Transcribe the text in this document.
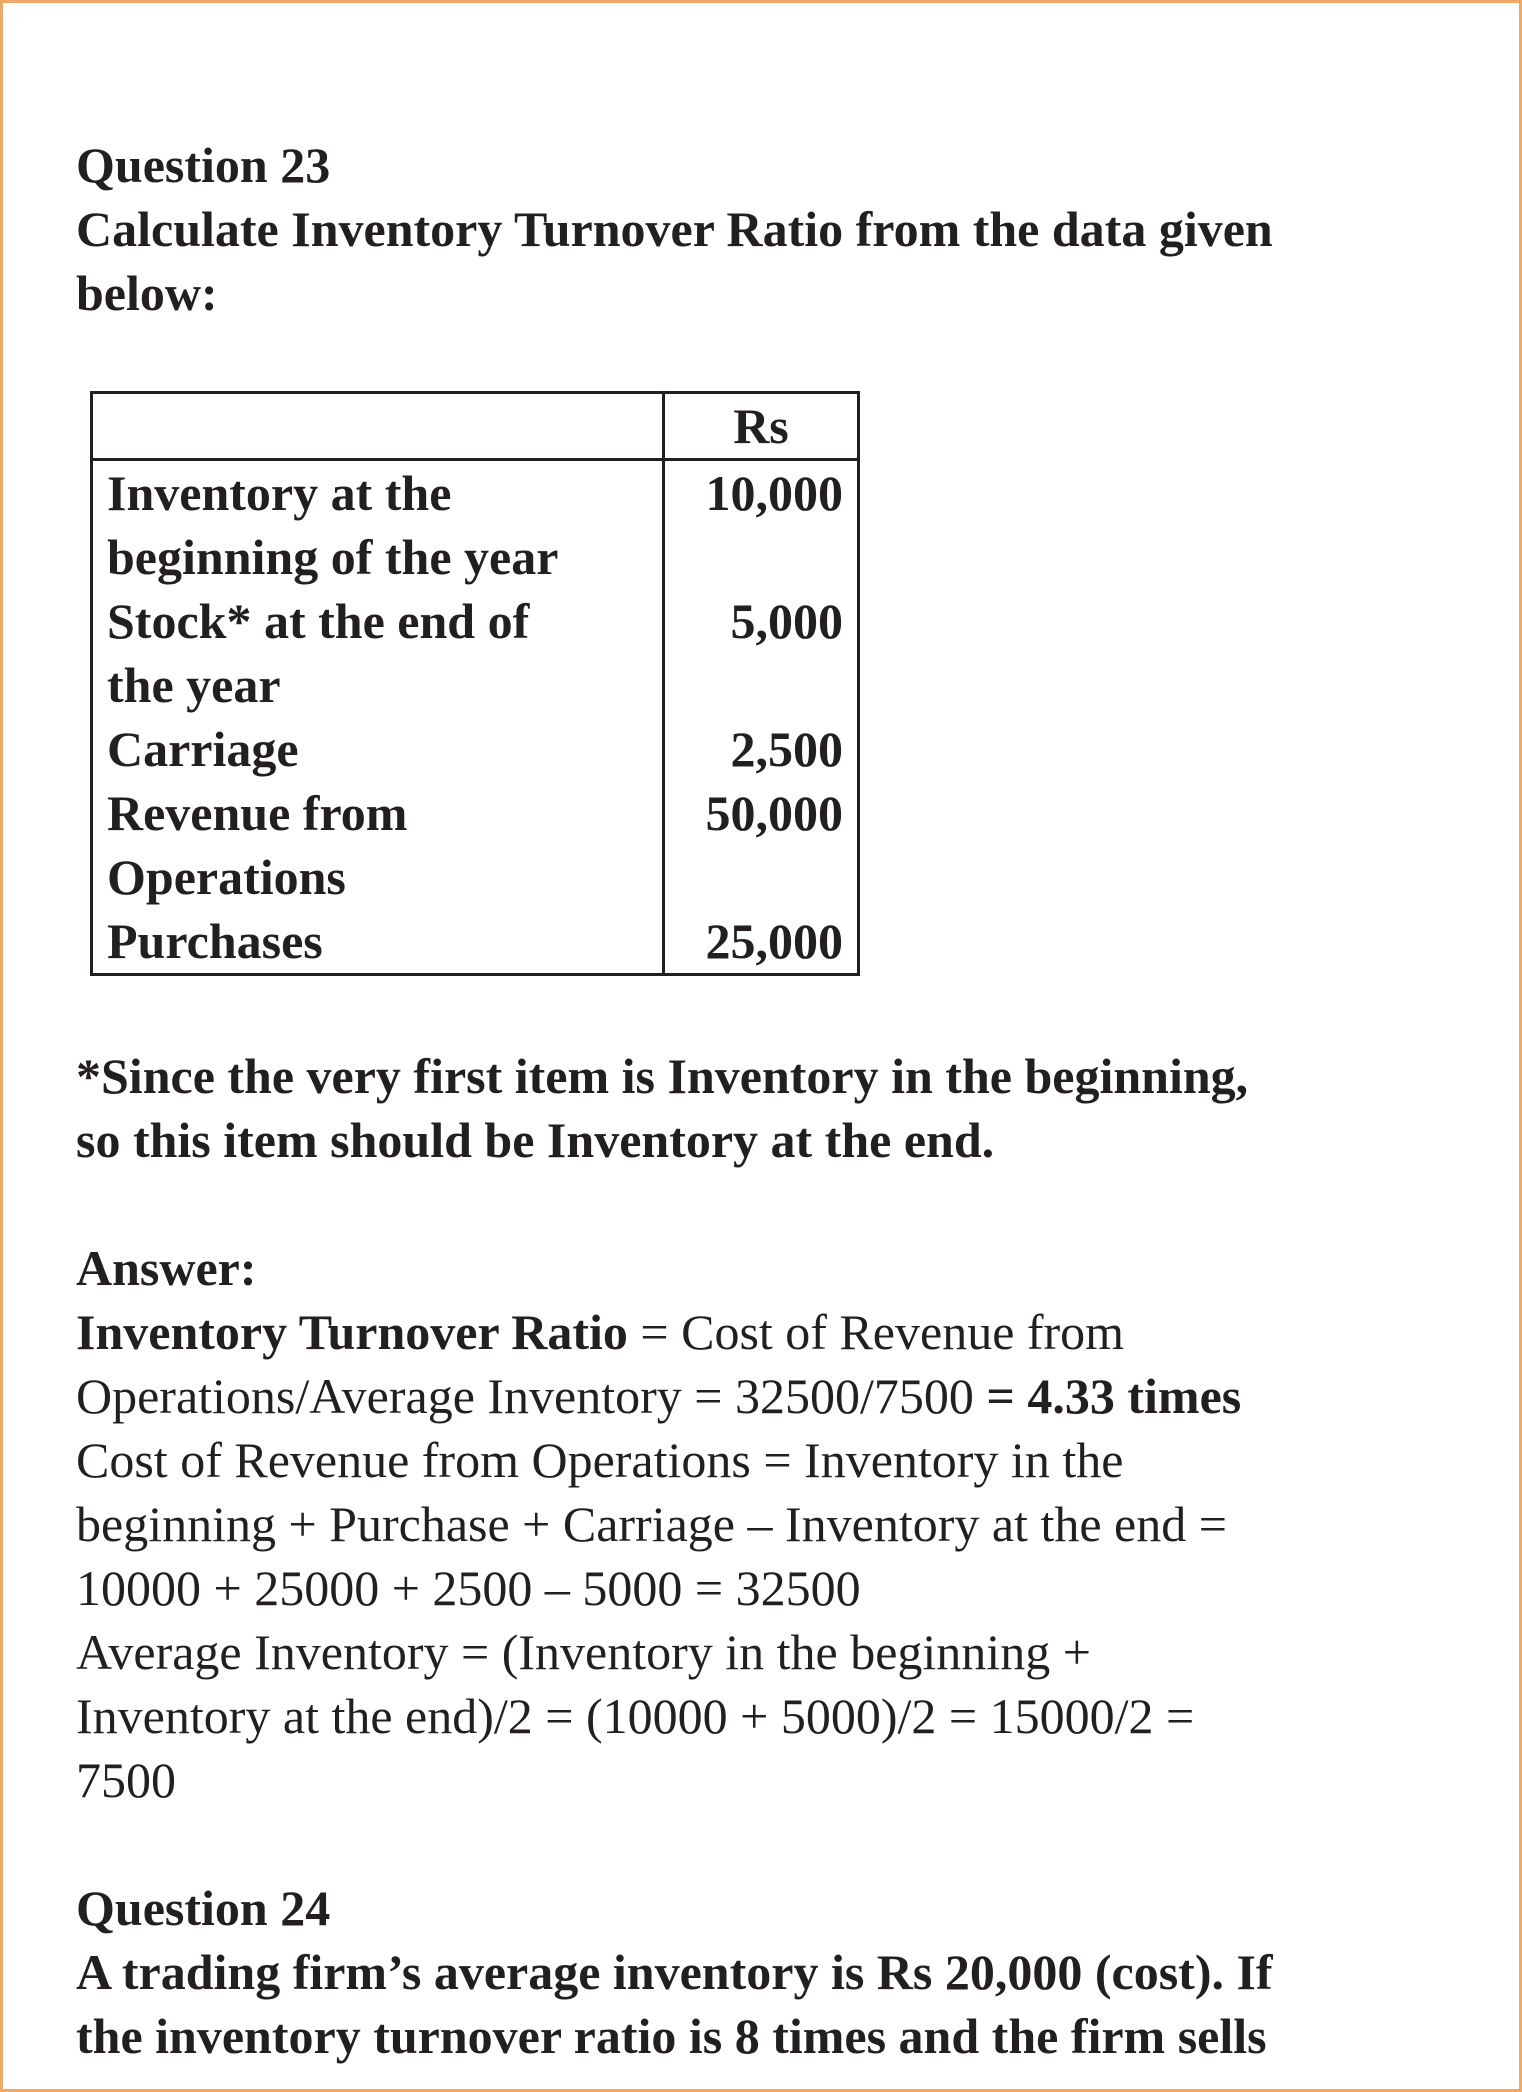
Question 23
Calculate Inventory Turnover Ratio from the data given below:
	Rs

Inventory at the
beginning of the year	10,000

Stock* at the end of
the year	5,000

Carriage	2,500

Revenue from
Operations	50,000

Purchases	25,000
*Since the very first item is Inventory in the beginning,
so this item should be Inventory at the end.
Answer:

Inventory Turnover Ratio = Cost of Revenue from

Operations/Average Inventory = 32500/7500 = 4.33 times

Cost of Revenue from Operations = Inventory in the

beginning + Purchase + Carriage – Inventory at the end =

10000 + 25000 + 2500 – 5000 = 32500

Average Inventory = (Inventory in the beginning +

Inventory at the end)/2 = (10000 + 5000)/2 = 15000/2 =

7500

Question 24
A trading firm’s average inventory is Rs 20,000 (cost). If
the inventory turnover ratio is 8 times and the firm sells
